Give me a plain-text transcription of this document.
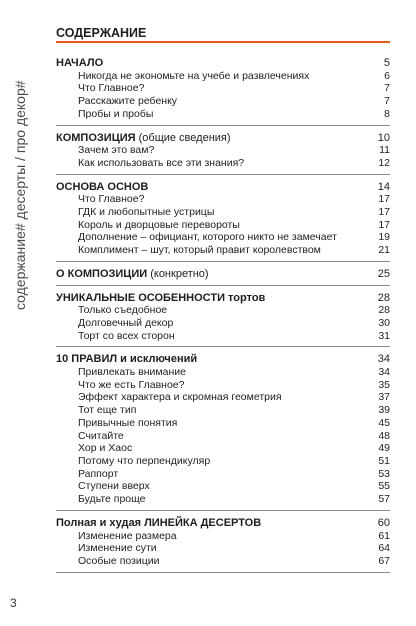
содержание# десерты / про декор#
СОДЕРЖАНИЕ
НАЧАЛО	5
Никогда не экономьте на учебе и развлечениях	6
Что Главное?	7
Расскажите ребенку	7
Пробы и пробы	8
КОМПОЗИЦИЯ (общие сведения)	10
Зачем это вам?	11
Как использовать все эти знания?	12
ОСНОВА ОСНОВ	14
Что Главное?	17
ГДК и любопытные устрицы	17
Король и дворцовые перевороты	17
Дополнение – официант, которого никто не замечает	19
Комплимент – шут, который правит королевством	21
О КОМПОЗИЦИИ (конкретно)	25
УНИКАЛЬНЫЕ ОСОБЕННОСТИ тортов	28
Только съедобное	28
Долговечный декор	30
Торт со всех сторон	31
10 ПРАВИЛ и исключений	34
Привлекать внимание	34
Что же есть Главное?	35
Эффект характера и скромная геометрия	37
Тот еще тип	39
Привычные понятия	45
Считайте	48
Хор и Хаос	49
Потому что перпендикуляр	51
Раппорт	53
Ступени вверх	55
Будьте проще	57
Полная и худая ЛИНЕЙКА ДЕСЕРТОВ	60
Изменение размера	61
Изменение сути	64
Особые позиции	67
3
